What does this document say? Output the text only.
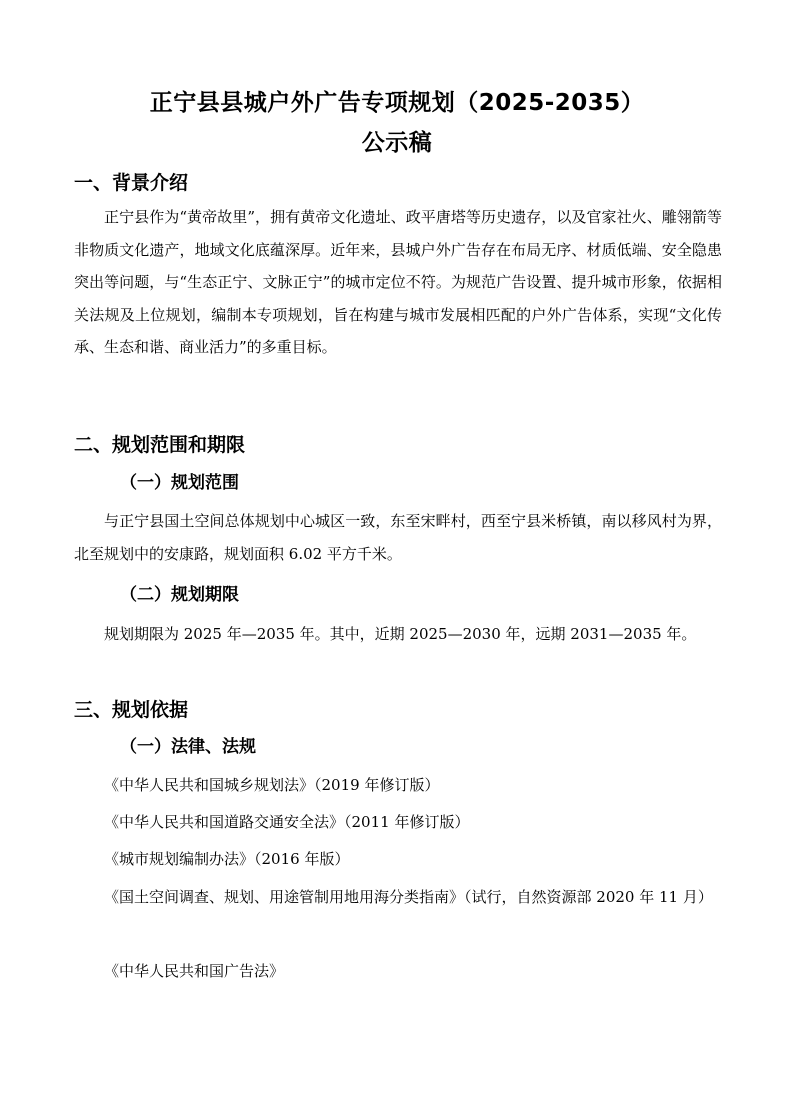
正宁县县城户外广告专项规划（2025-2035）
公示稿
一、背景介绍

正宁县作为“黄帝故里”，拥有黄帝文化遗址、政平唐塔等历史遗存，以及官家社火、雕翎箭等非物质文化遗产，地域文化底蕴深厚。近年来，县城户外广告存在布局无序、材质低端、安全隐患突出等问题，与“生态正宁、文脉正宁”的城市定位不符。为规范广告设置、提升城市形象，依据相关法规及上位规划，编制本专项规划，旨在构建与城市发展相匹配的户外广告体系，实现“文化传承、生态和谐、商业活力”的多重目标。

二、规划范围和期限
（一）规划范围

与正宁县国土空间总体规划中心城区一致，东至宋畔村，西至宁县米桥镇，南以移风村为界，北至规划中的安康路，规划面积 6.02 平方千米。

（二）规划期限

规划期限为 2025 年—2035 年。其中，近期 2025—2030 年，远期 2031—2035 年。

三、规划依据
（一）法律、法规

《中华人民共和国城乡规划法》（2019 年修订版）

《中华人民共和国道路交通安全法》（2011 年修订版）

《城市规划编制办法》（2016 年版）

《国土空间调查、规划、用途管制用地用海分类指南》（试行，自然资源部 2020 年 11 月）

《中华人民共和国广告法》
